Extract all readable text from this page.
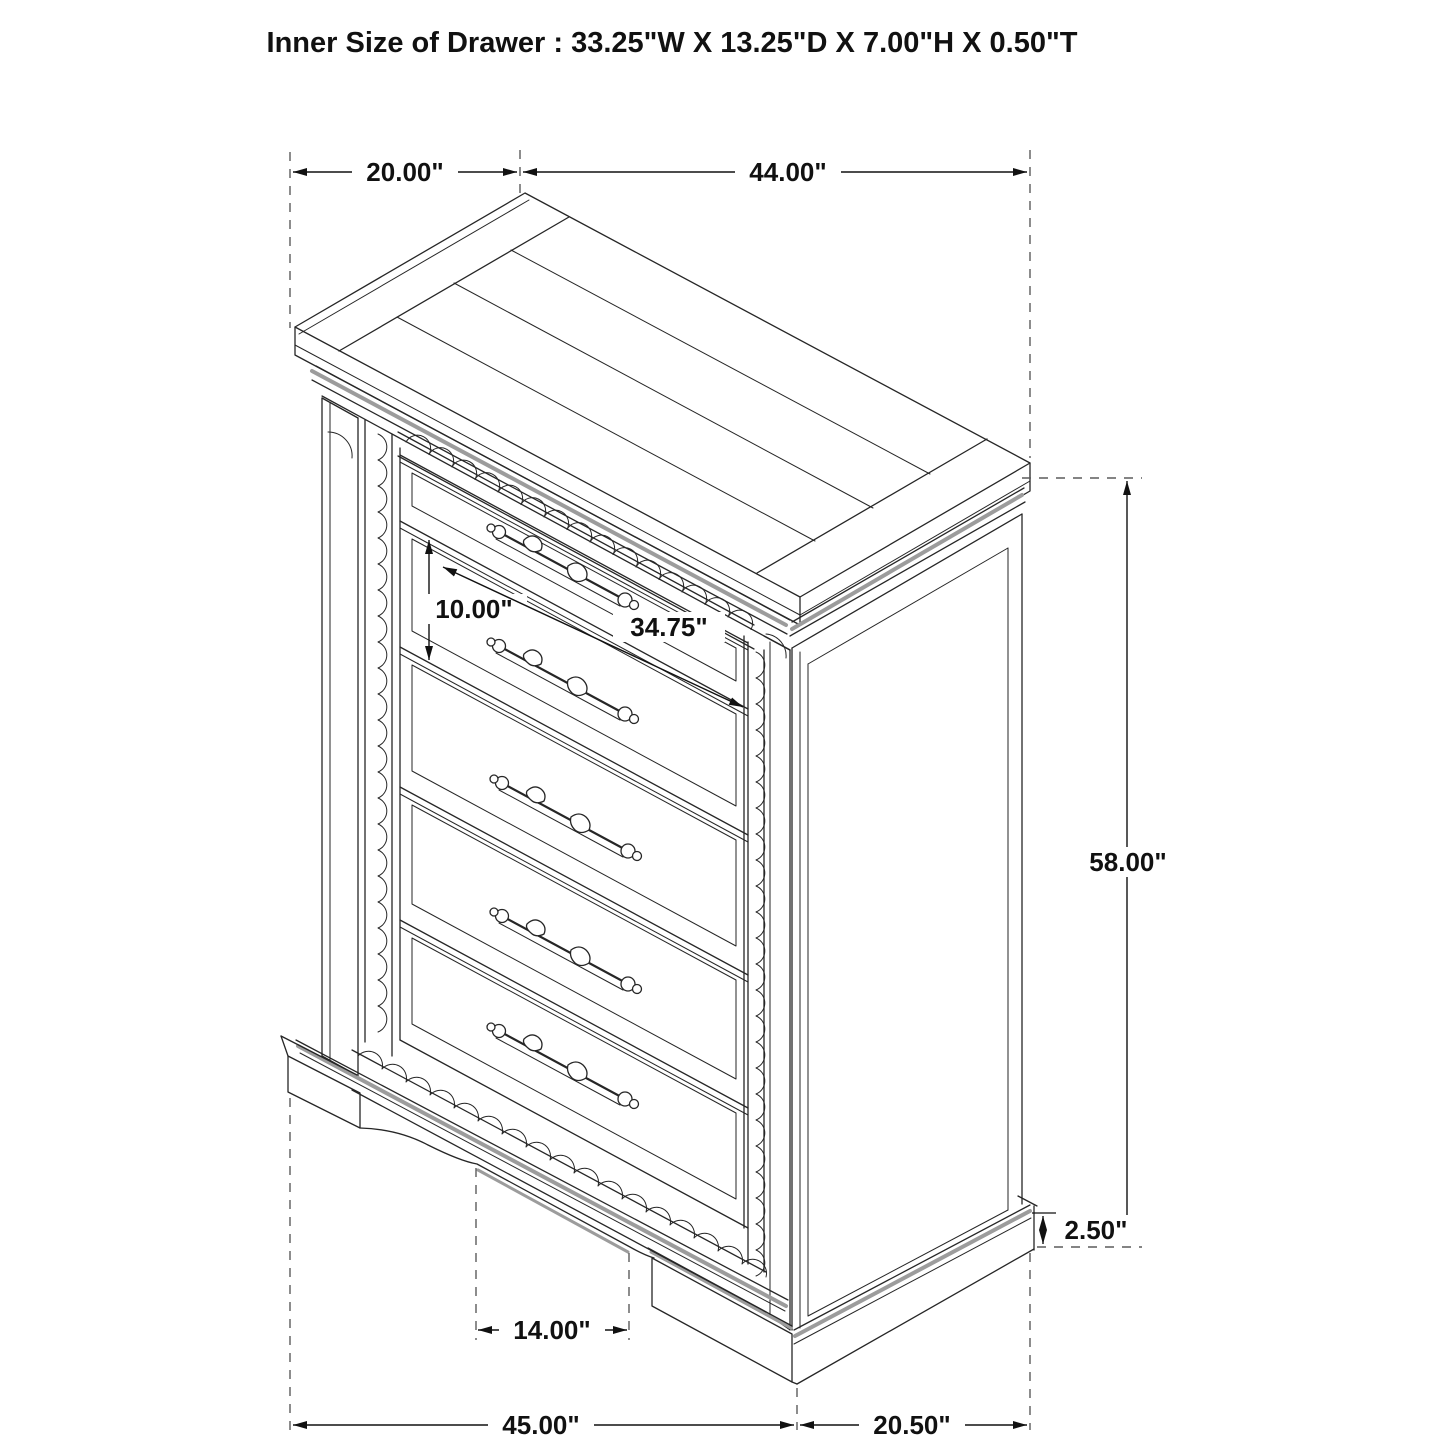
Inner Size of Drawer : 33.25"W X 13.25"D X 7.00"H X 0.50"T
20.00"	44.00"
10.00"
34.75"
58.00"
2.50"
14.00"
45.00"	20.50"
